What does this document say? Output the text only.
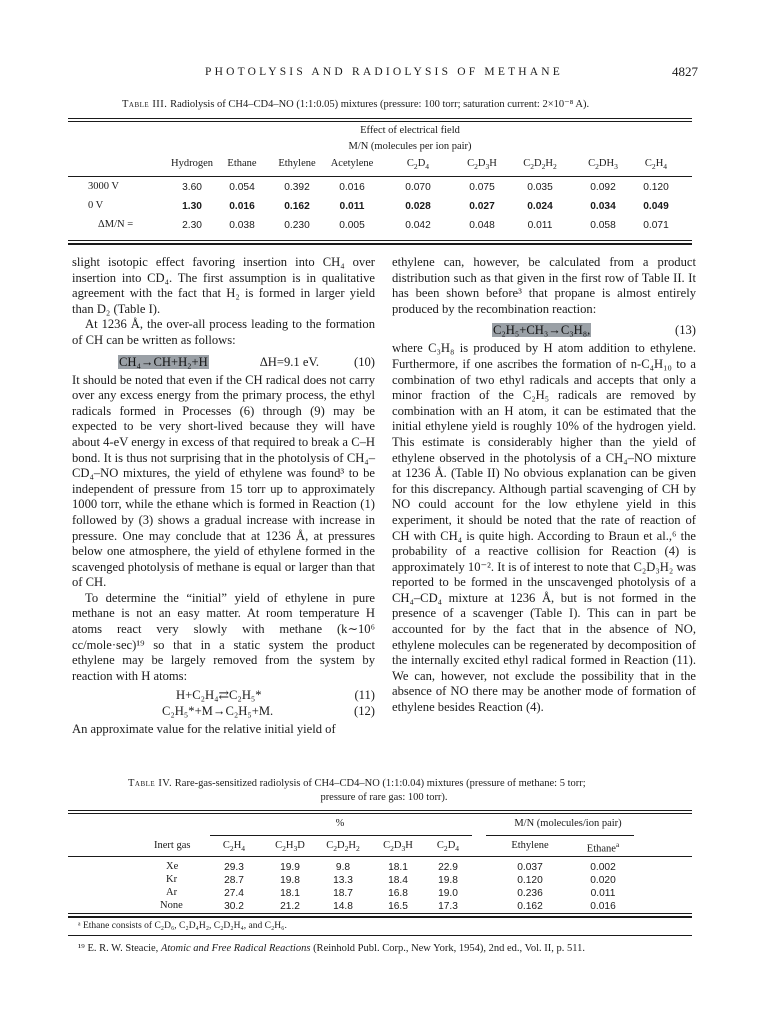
PHOTOLYSIS AND RADIOLYSIS OF METHANE	4827
Table III. Radiolysis of CH4–CD4–NO (1:1:0.05) mixtures (pressure: 100 torr; saturation current: 2×10⁻⁸ A).
Effect of electrical field
M/N (molecules per ion pair)
Hydrogen	Ethane	Ethylene	Acetylene	$C_2D_4$	$C_2D_3H$	$C_2D_2H_2$	$C_2DH_3$	$C_2H_4$
3000 V	3.60	0.054	0.392	0.016	0.070	0.075	0.035	0.092	0.120
0 V	1.30	0.016	0.162	0.011	0.028	0.027	0.024	0.034	0.049
ΔM/N =	2.30	0.038	0.230	0.005	0.042	0.048	0.011	0.058	0.071

slight isotopic effect favoring insertion into CH₄ over insertion into CD₄. The first assumption is in qualitative agreement with the fact that H₂ is formed in larger yield than D₂ (Table I).

At 1236 Å, the over-all process leading to the formation of CH can be written as follows:

CH₄→CH+H₂+H	ΔH=9.1 eV.	(10)

It should be noted that even if the CH radical does not carry over any excess energy from the primary process, the ethyl radicals formed in Processes (6) through (9) may be expected to be very short-lived because they will have about 4-eV energy in excess of that required to break a C–H bond. It is thus not surprising that in the photolysis of CH₄–CD₄–NO mixtures, the yield of ethylene was found³ to be independent of pressure from 15 torr up to approximately 1000 torr, while the ethane which is formed in Reaction (1) followed by (3) shows a gradual increase with increase in pressure. One may conclude that at 1236 Å, at pressures below one atmosphere, the yield of ethylene formed in the scavenged photolysis of methane is equal or larger than that of CH.

To determine the “initial” yield of ethylene in pure methane is not an easy matter. At room temperature H atoms react very slowly with methane (k∼10⁶ cc/mole·sec)¹⁹ so that in a static system the product ethylene may be largely removed from the system by reaction with H atoms:

H+C₂H₄⇄C₂H₅*	(11)
C₂H₅*+M→C₂H₅+M.	(12)

An approximate value for the relative initial yield of

ethylene can, however, be calculated from a product distribution such as that given in the first row of Table II. It has been shown before³ that propane is almost entirely produced by the recombination reaction:

C₂H₅+CH₃→C₃H₈,	(13)

where C₃H₈ is produced by H atom addition to ethylene. Furthermore, if one ascribes the formation of n-C₄H₁₀ to a combination of two ethyl radicals and accepts that only a minor fraction of the C₂H₅ radicals are removed by combination with an H atom, it can be estimated that the initial ethylene yield is roughly 10% of the hydrogen yield. This estimate is considerably higher than the yield of ethylene observed in the photolysis of a CH₄–NO mixture at 1236 Å. (Table II) No obvious explanation can be given for this discrepancy. Although partial scavenging of CH by NO could account for the low ethylene yield in this experiment, it should be noted that the rate of reaction of CH with CH₄ is quite high. According to Braun et al.,⁶ the probability of a reactive collision for Reaction (4) is approximately 10⁻². It is of interest to note that C₂D₃H₂ was reported to be formed in the unscavenged photolysis of a CH₄–CD₄ mixture at 1236 Å, but is not formed in the presence of a scavenger (Table I). This can in part be accounted for by the fact that in the absence of NO, ethylene molecules can be regenerated by decomposition of the internally excited ethyl radical formed in Reaction (11). We can, however, not exclude the possibility that in the absence of NO there may be another mode of formation of ethylene besides Reaction (4).

Table IV. Rare-gas-sensitized radiolysis of CH4–CD4–NO (1:1:0.04) mixtures (pressure of methane: 5 torr;
pressure of rare gas: 100 torr).
%	M/N (molecules/ion pair)
Inert gas	$C_2H_4$	$C_2H_3D$	$C_2D_2H_2$	$C_2D_3H$	$C_2D_4$	Ethylene	Ethane$^a$
Xe	29.3	19.9	9.8	18.1	22.9	0.037	0.002
Kr	28.7	19.8	13.3	18.4	19.8	0.120	0.020
Ar	27.4	18.1	18.7	16.8	19.0	0.236	0.011
None	30.2	21.2	14.8	16.5	17.3	0.162	0.016
ᵃ Ethane consists of C₂D₆, C₂D₄H₂, C₂D₂H₄, and C₂H₆.
¹⁹ E. R. W. Steacie, Atomic and Free Radical Reactions (Reinhold Publ. Corp., New York, 1954), 2nd ed., Vol. II, p. 511.
